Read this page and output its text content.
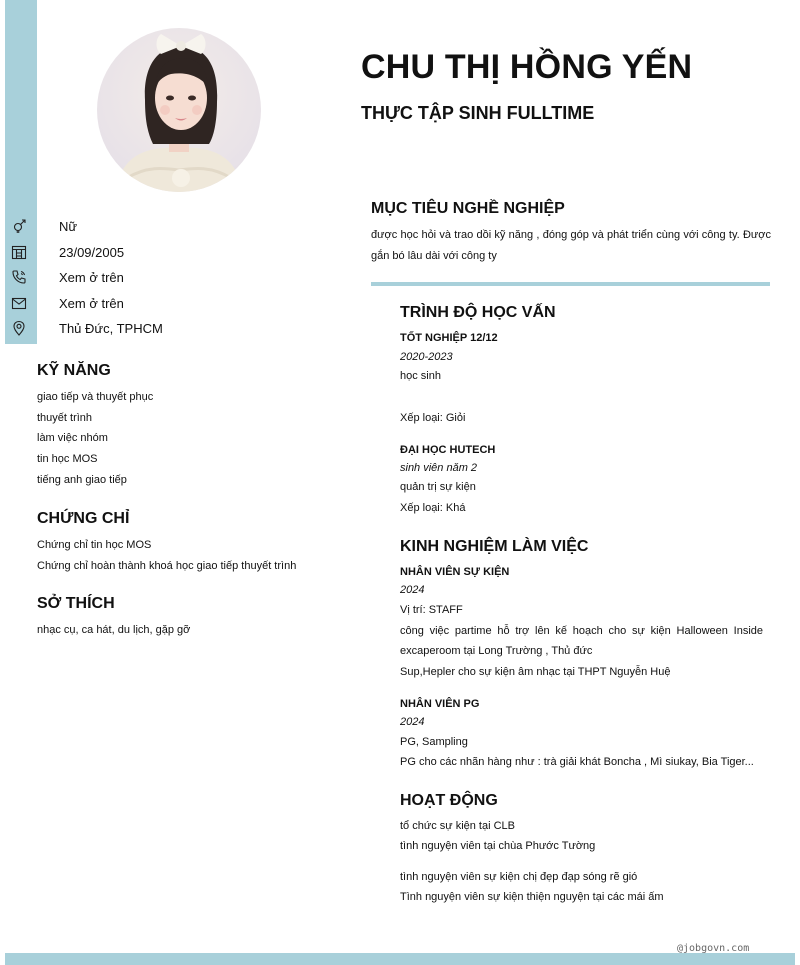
CHU THỊ HỒNG YẾN
THỰC TẬP SINH FULLTIME
Nữ
23/09/2005
Xem ở trên
Xem ở trên
Thủ Đức, TPHCM
KỸ NĂNG
giao tiếp và thuyết phục
thuyết trình
làm việc nhóm
tin học MOS
tiếng anh giao tiếp
CHỨNG CHỈ
Chứng chỉ tin học MOS
Chứng chỉ hoàn thành khoá học giao tiếp thuyết trình
SỞ THÍCH
nhạc cụ, ca hát, du lịch, gặp gỡ
MỤC TIÊU NGHỀ NGHIỆP
được học hỏi và trao dồi kỹ năng , đóng góp và phát triển cùng với công ty. Được gắn bó lâu dài với công ty
TRÌNH ĐỘ HỌC VẤN
TỐT NGHIỆP 12/12
2020-2023
học sinh
Xếp loại: Giỏi
ĐẠI HỌC HUTECH
sinh viên năm 2
quản trị sự kiện
Xếp loại: Khá
KINH NGHIỆM LÀM VIỆC
NHÂN VIÊN SỰ KIỆN
2024
Vị trí: STAFF
công việc partime hỗ trợ lên kế hoạch cho sự kiện Halloween Inside excaperoom tại Long Trường , Thủ đức
Sup,Hepler cho sự kiện âm nhạc tại THPT Nguyễn Huệ
NHÂN VIÊN PG
2024
PG, Sampling
PG cho các nhãn hàng như : trà giải khát Boncha , Mì siukay, Bia Tiger...
HOẠT ĐỘNG
tổ chức sự kiện tại CLB
tình nguyện viên tại chùa Phước Tường
tình nguyện viên sự kiện chị đẹp đạp sóng rẽ gió
Tình nguyện viên sự kiện thiện nguyện tại các mái ấm
@jobgovn.com
